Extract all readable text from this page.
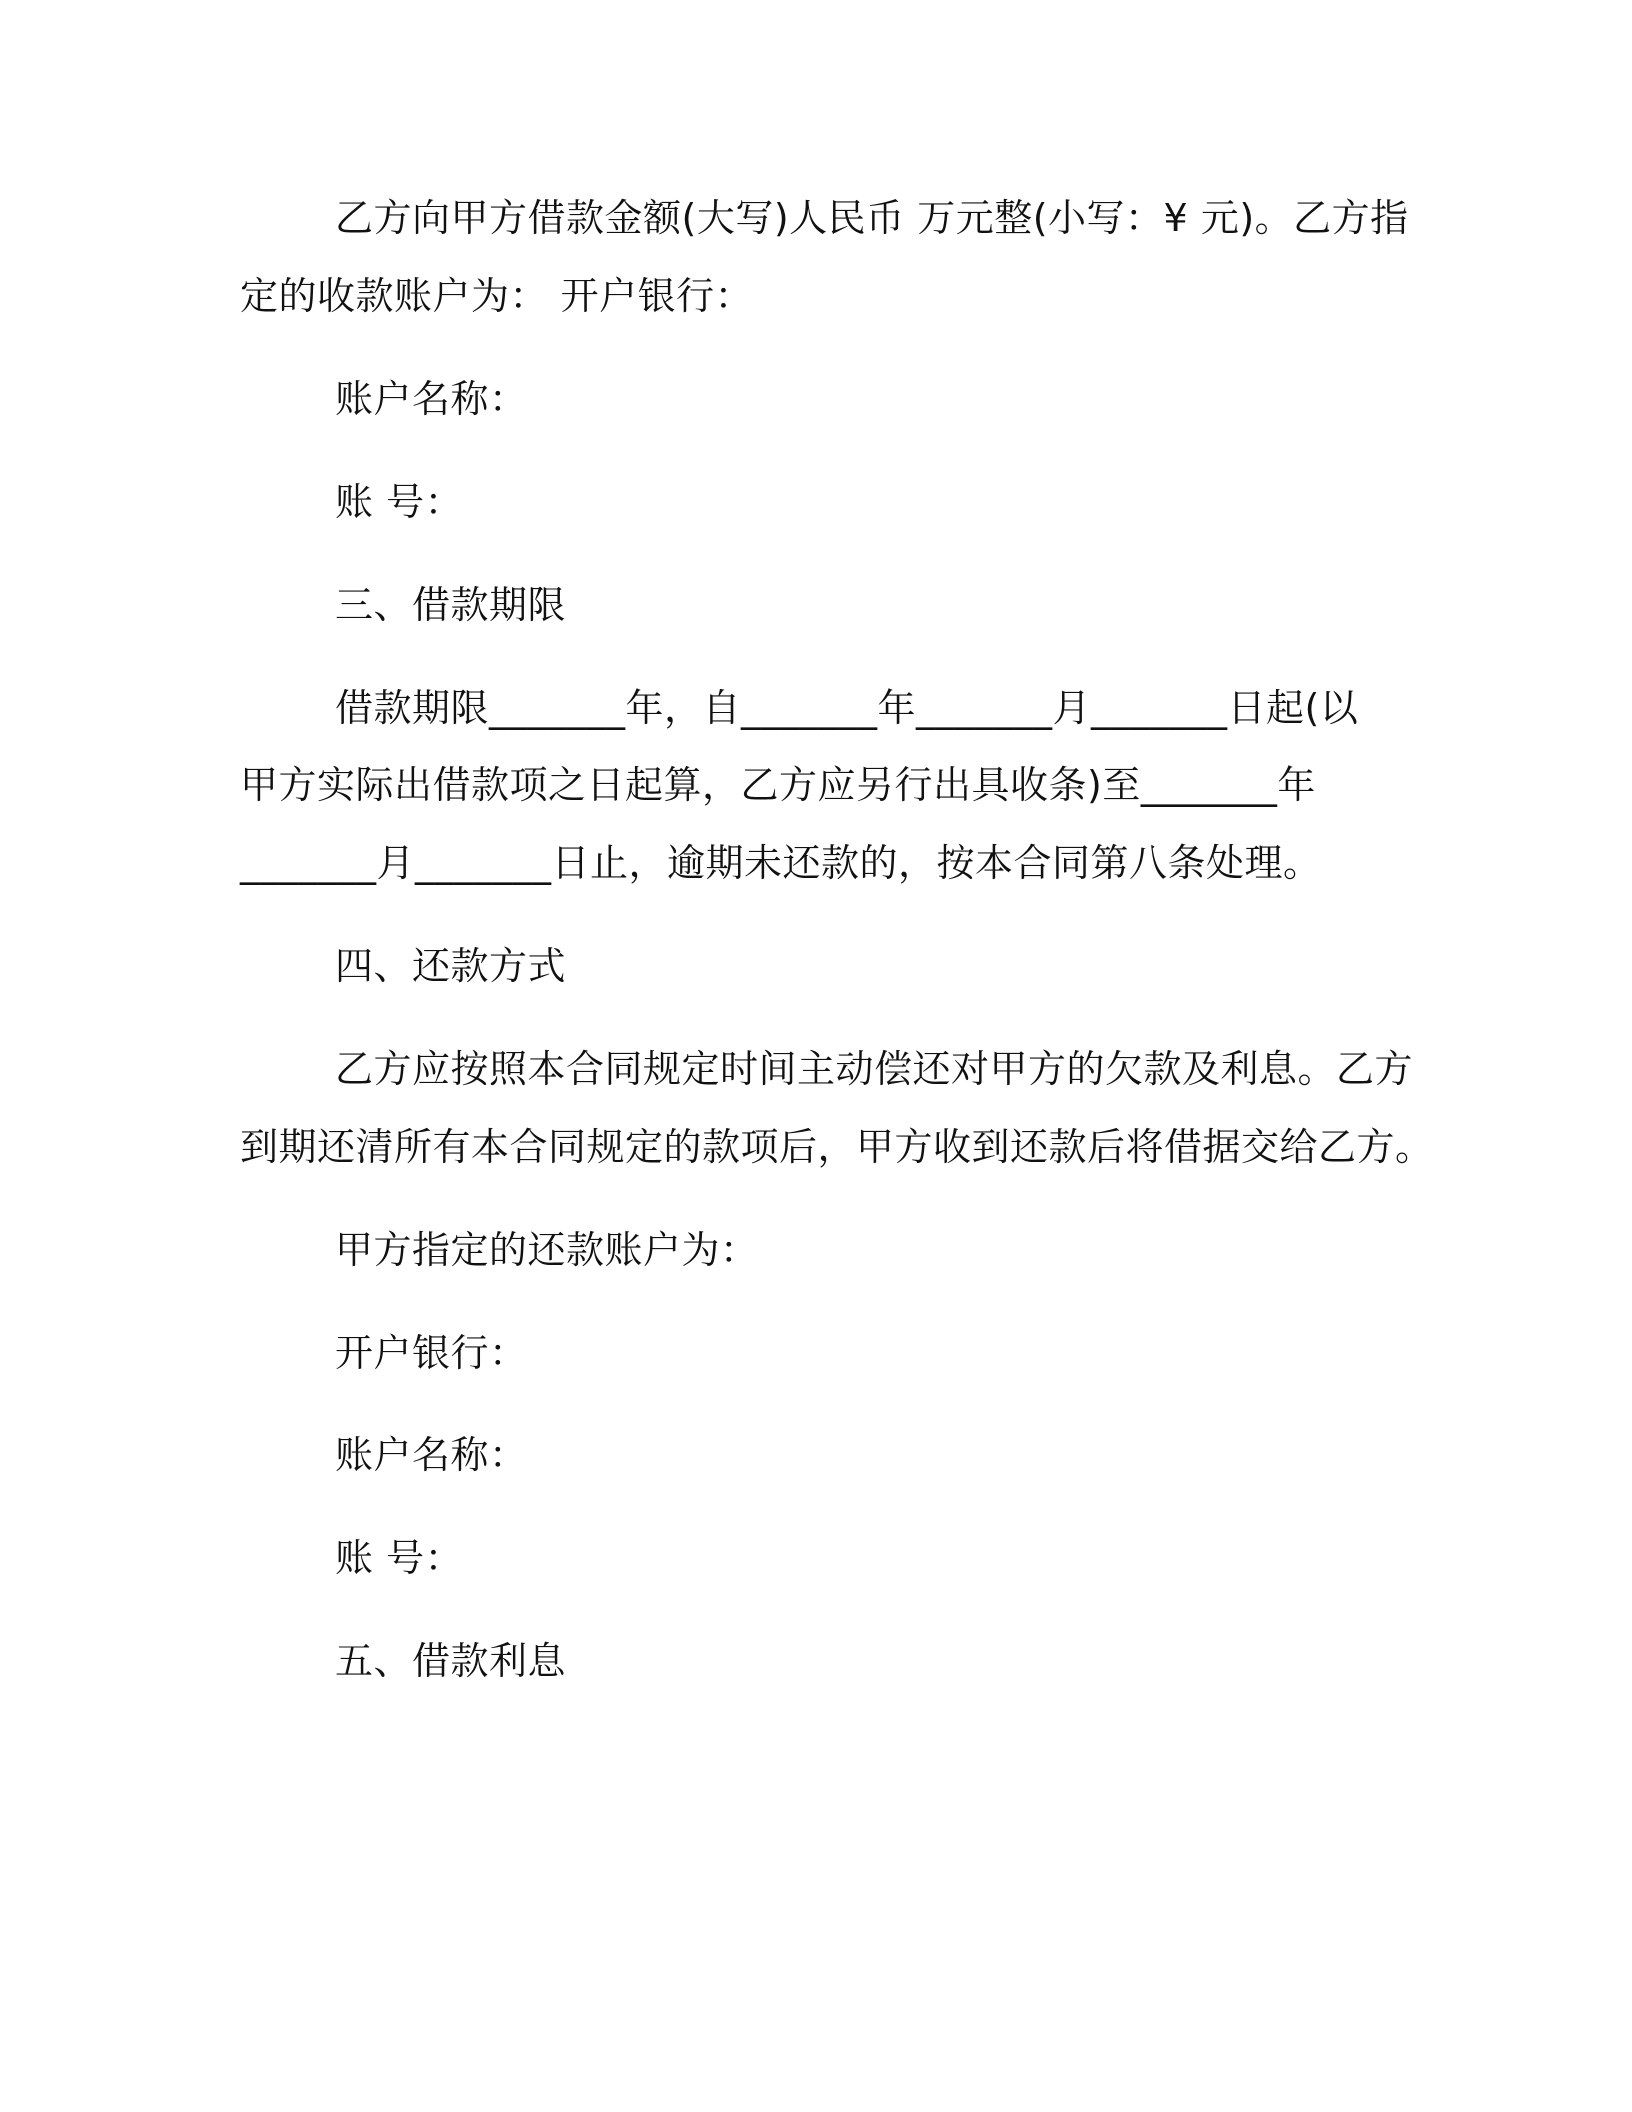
乙方向甲方借款金额(大写)人民币 万元整(小写：¥ 元)。乙方指
定的收款账户为： 开户银行：
账户名称：
账 号：
三、借款期限
借款期限_______年，自_______年_______月_______日起(以
甲方实际出借款项之日起算，乙方应另行出具收条)至_______年
_______月_______日止，逾期未还款的，按本合同第八条处理。
四、还款方式
乙方应按照本合同规定时间主动偿还对甲方的欠款及利息。乙方
到期还清所有本合同规定的款项后，甲方收到还款后将借据交给乙方。
甲方指定的还款账户为：
开户银行：
账户名称：
账 号：
五、借款利息
